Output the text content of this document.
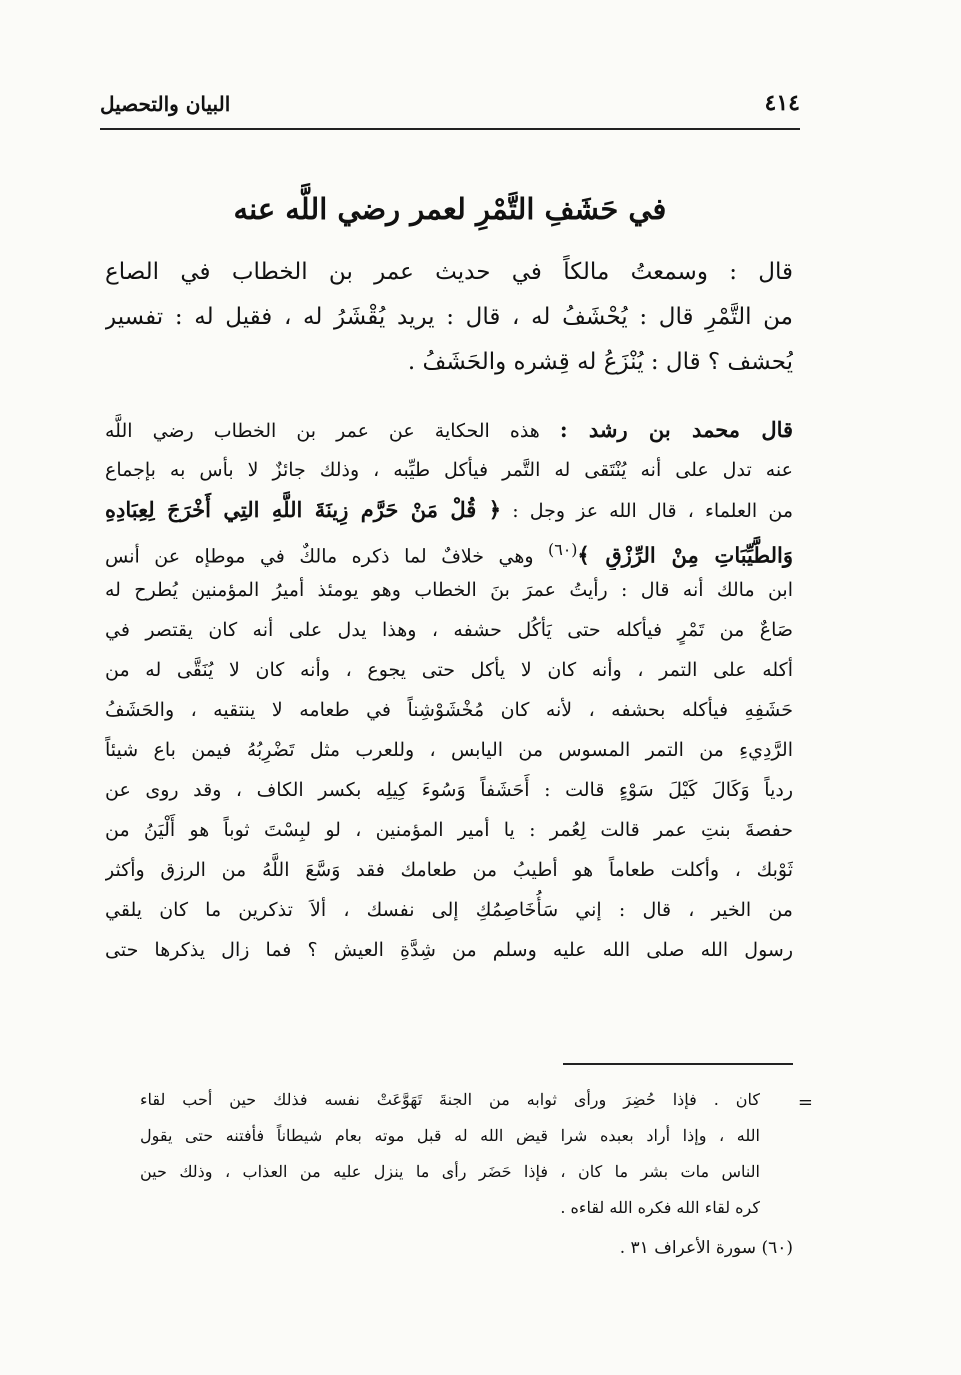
٤١٤
البيان والتحصيل
في حَشَفِ التَّمْرِ لعمر رضي اللَّه عنه
قال : وسمعتُ مالكاً في حديث عمر بن الخطاب في الصاع
من التَّمْرِ قال : يُحْشَفُ له ، قال : يريد يُقْشَرُ له ، فقيل له : تفسير
يُحشف ؟ قال : يُنْزَعُ له قِشره والحَشَفُ .
قال محمد بن رشد : هذه الحكاية عن عمر بن الخطاب رضي اللَّه
عنه تدل على أنه يُنْتَقى له التَّمر فيأكل طيِّبه ، وذلك جائزٌ لا بأس به بإجماع
من العلماء ، قال الله عز وجل : ﴿ قُلْ مَنْ حَرَّم زِينَةَ اللَّهِ التِي أَخْرَجَ لِعِبَادِهِ
وَالطَّيِّبَاتِ مِنْ الرِّزْقِ ﴾$^{(٦٠)}$ وهي خلافٌ لما ذكره مالكٌ في موطإه عن أنس
ابن مالك أنه قال : رأيتُ عمرَ بنَ الخطاب وهو يومئذ أميرُ المؤمنين يُطرح له
صَاعٌ من تَمْرٍ فيأكله حتى يَأكُل حشفه ، وهذا يدل على أنه كان يقتصر في
أكله على التمر ، وأنه كان لا يأكل حتى يجوع ، وأنه كان لا يُنَقَّى له من
حَشَفِهِ فيأكله بحشفه ، لأنه كان مُخْشَوْشِناً في طعامه لا ينتقيه ، والحَشَفُ
الرَّدِيءِ من التمر المسوس من اليابس ، وللعرب مثل تَضْرِبُهُ فيمن باع شيئاً
ردياً وَكَالَ كَيْلَ سَوْءٍ قالت : أَحَشَفاً وَسُوءَ كِيلِه بكسر الكاف ، وقد روى عن
حفصةَ بنتِ عمر قالت لِعُمر : يا أمير المؤمنين ، لو لبِسْتَ ثوباً هو أَلْيَنُ من
ثَوْبك ، وأكلت طعاماً هو أطيبُ من طعامك فقد وَسَّعَ اللَّهُ من الرزق وأكثر
من الخير ، قال : إني سَأُخَاصِمُكِ إلى نفسك ، ألاَ تذكرين ما كان يلقي
رسول الله صلى الله عليه وسلم من شِدَّةِ العيش ؟ فما زال يذكرها حتى
=
كان . فإذا حُضِرَ ورأى ثوابه من الجنةَ تَهَوَّعَتْ نفسه فذلك حين أحب لقاء
الله ، وإذا أراد بعبده شرا قيض الله له قبل موته بعام شيطاناً فأفتنه حتى يقول
الناس مات بشر ما كان ، فإذا حَضَر رأى ما ينزل عليه من العذاب ، وذلك حين
كره لقاء الله فكره الله لقاءه .
(٦٠) سورة الأعراف ٣١ .
